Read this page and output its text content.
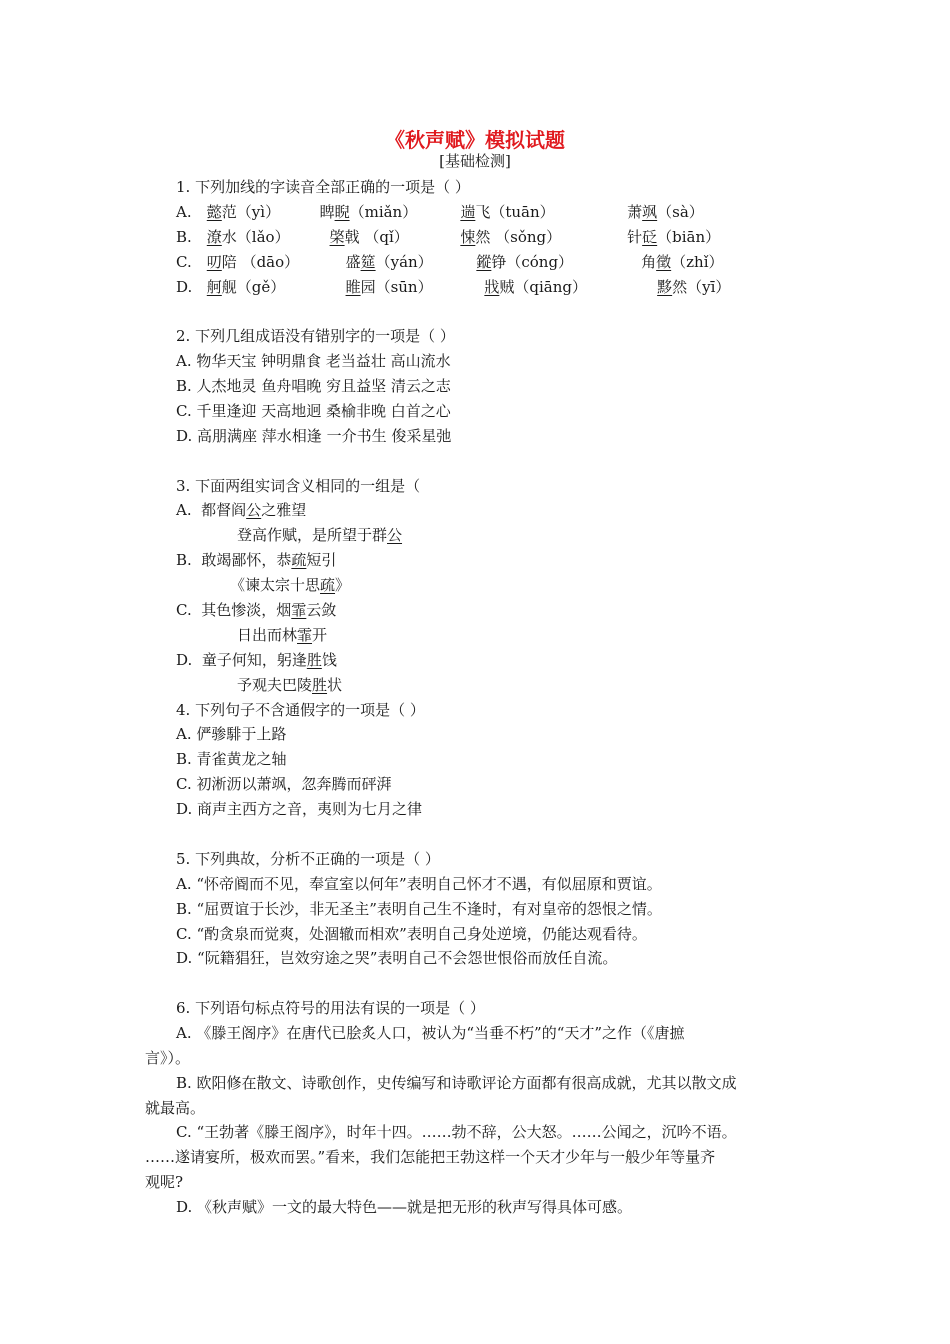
《秋声赋》模拟试题
[基础检测]
1. 下列加线的字读音全部正确的一项是（ ）
A. 懿范（yì）	睥睨（miǎn）	遄飞（tuān）	萧飒（sà）
B. 潦水（lǎo）	棨戟 （qǐ）	悚然 （sǒng）	针砭（biān）
C. 叨陪 （dāo）	盛筵（yán）	鏦铮（cóng）	角徵（zhǐ）
D. 舸舰（gě）	睢园（sūn）	戕贼（qiāng）	黟然（yī）
2. 下列几组成语没有错别字的一项是（ ）
A. 物华天宝 钟明鼎食 老当益壮 高山流水
B. 人杰地灵 鱼舟唱晚 穷且益坚 清云之志
C. 千里逢迎 天高地迥 桑榆非晚 白首之心
D. 高朋满座 萍水相逢 一介书生 俊采星弛
3. 下面两组实词含义相同的一组是（
A. 都督阎公之雅望
登高作赋，是所望于群公
B. 敢竭鄙怀，恭疏短引
《谏太宗十思疏》
C. 其色惨淡，烟霏云敛
日出而林霏开
D. 童子何知，躬逢胜饯
予观夫巴陵胜状
4. 下列句子不含通假字的一项是（ ）
A. 俨骖騑于上路
B. 青雀黄龙之轴
C. 初淅沥以萧飒，忽奔腾而砰湃
D. 商声主西方之音，夷则为七月之律
5. 下列典故，分析不正确的一项是（ ）
A. “怀帝阍而不见，奉宣室以何年”表明自己怀才不遇，有似屈原和贾谊。
B. “屈贾谊于长沙，非无圣主”表明自己生不逢时，有对皇帝的怨恨之情。
C. “酌贪泉而觉爽，处涸辙而相欢”表明自己身处逆境，仍能达观看待。
D. “阮籍猖狂，岂效穷途之哭”表明自己不会怨世恨俗而放任自流。
6. 下列语句标点符号的用法有误的一项是（ ）
A. 《滕王阁序》在唐代已脍炙人口，被认为“当垂不朽”的“天才”之作（《唐摭
言》）。
B. 欧阳修在散文、诗歌创作，史传编写和诗歌评论方面都有很高成就，尤其以散文成
就最高。
C. “王勃著《滕王阁序》，时年十四。……勃不辞，公大怒。……公闻之，沉吟不语。
……遂请宴所，极欢而罢。”看来，我们怎能把王勃这样一个天才少年与一般少年等量齐
观呢?
D. 《秋声赋》一文的最大特色——就是把无形的秋声写得具体可感。
